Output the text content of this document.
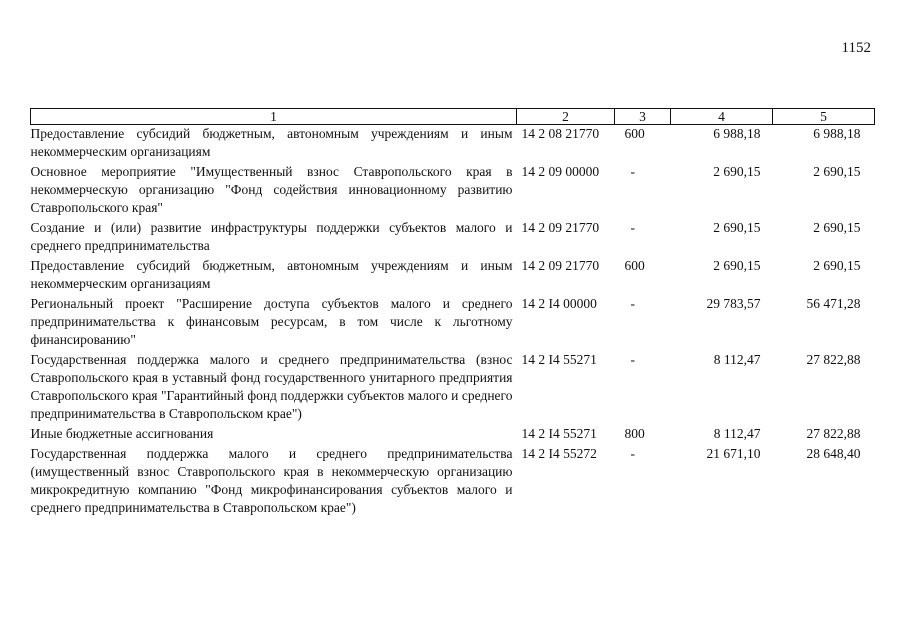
1152
1	2	3	4	5
Предоставление субсидий бюджетным, автономным учреждениям и иным некоммерческим организациям	14 2 08 21770	600	6 988,18	6 988,18
Основное мероприятие "Имущественный взнос Ставропольского края в некоммерческую организацию "Фонд содействия инновационному развитию Ставропольского края"	14 2 09 00000	-	2 690,15	2 690,15
Создание и (или) развитие инфраструктуры поддержки субъектов малого и среднего предпринимательства	14 2 09 21770	-	2 690,15	2 690,15
Предоставление субсидий бюджетным, автономным учреждениям и иным некоммерческим организациям	14 2 09 21770	600	2 690,15	2 690,15
Региональный проект "Расширение доступа субъектов малого и среднего предпринимательства к финансовым ресурсам, в том числе к льготному финансированию"	14 2 I4 00000	-	29 783,57	56 471,28
Государственная поддержка малого и среднего предпринимательства (взнос Ставропольского края в уставный фонд государственного унитарного предприятия Ставропольского края "Гарантийный фонд поддержки субъектов малого и среднего предпринимательства в Ставропольском крае")	14 2 I4 55271	-	8 112,47	27 822,88
Иные бюджетные ассигнования	14 2 I4 55271	800	8 112,47	27 822,88
Государственная поддержка малого и среднего предпринимательства (имущественный взнос Ставропольского края в некоммерческую организацию микрокредитную компанию "Фонд микрофинансирования субъектов малого и среднего предпринимательства в Ставропольском крае")	14 2 I4 55272	-	21 671,10	28 648,40
